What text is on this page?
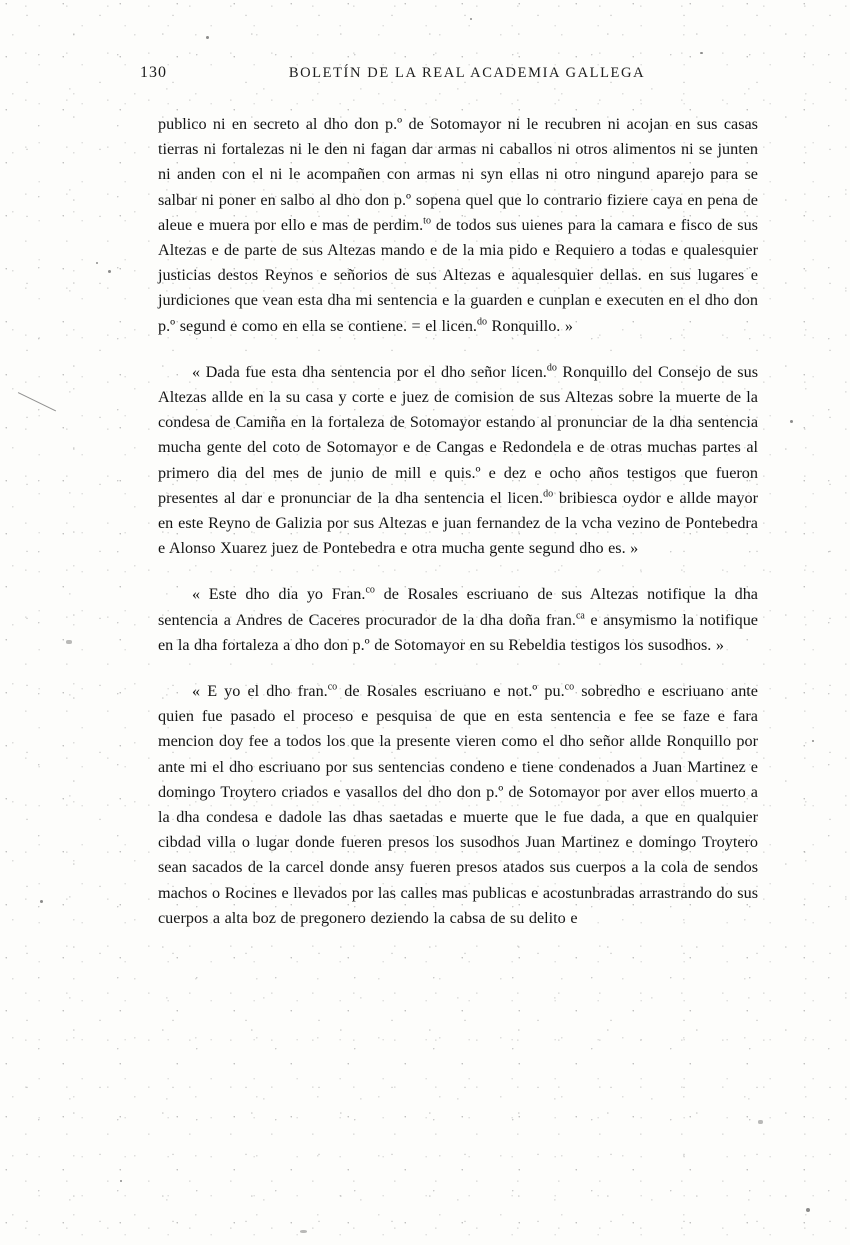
130	BOLETÍN DE LA REAL ACADEMIA GALLEGA

publico ni en secreto al dho don p.º de Sotomayor ni le recubren ni acojan en sus casas tierras ni fortalezas ni le den ni fagan dar armas ni caballos ni otros alimentos ni se junten ni anden con el ni le acompañen con armas ni syn ellas ni otro ningund aparejo para se salbar ni poner en salbo al dho don p.º sopena quel que lo contrario fiziere caya en pena de aleue e muera por ello e mas de perdim.$^{to}$ de todos sus uienes para la camara e fisco de sus Altezas e de parte de sus Altezas mando e de la mia pido e Requiero a todas e qualesquier justicias destos Reynos e señorios de sus Altezas e aqualesquier dellas. en sus lugares e jurdiciones que vean esta dha mi sentencia e la guarden e cunplan e executen en el dho don p.º segund e como en ella se contiene. = el licen.$^{do}$ Ronquillo. »

« Dada fue esta dha sentencia por el dho señor licen.$^{do}$ Ronquillo del Consejo de sus Altezas allde en la su casa y corte e juez de comision de sus Altezas sobre la muerte de la condesa de Camiña en la fortaleza de Sotomayor estando al pronunciar de la dha sentencia mucha gente del coto de Sotomayor e de Cangas e Redondela e de otras muchas partes al primero dia del mes de junio de mill e quis.º e dez e ocho años testigos que fueron presentes al dar e pronunciar de la dha sentencia el licen.$^{do}$ bribiesca oydor e allde mayor en este Reyno de Galizia por sus Altezas e juan fernandez de la vcha vezino de Pontebedra e Alonso Xuarez juez de Pontebedra e otra mucha gente segund dho es. »

« Este dho dia yo Fran.$^{co}$ de Rosales escriuano de sus Altezas notifique la dha sentencia a Andres de Caceres procurador de la dha doña fran.$^{ca}$ e ansymismo la notifique en la dha fortaleza a dho don p.º de Sotomayor en su Rebeldia testigos los susodhos. »

« E yo el dho fran.$^{co}$ de Rosales escriuano e not.º pu.$^{co}$ sobredho e escriuano ante quien fue pasado el proceso e pesquisa de que en esta sentencia e fee se faze e fara mencion doy fee a todos los que la presente vieren como el dho señor allde Ronquillo por ante mi el dho escriuano por sus sentencias condeno e tiene condenados a Juan Martinez e domingo Troytero criados e vasallos del dho don p.º de Sotomayor por aver ellos muerto a la dha condesa e dadole las dhas saetadas e muerte que le fue dada, a que en qualquier cibdad villa o lugar donde fueren presos los susodhos Juan Martinez e domingo Troytero sean sacados de la carcel donde ansy fueren presos atados sus cuerpos a la cola de sendos machos o Rocines e llevados por las calles mas publicas e acostunbradas arrastrando do sus cuerpos a alta boz de pregonero deziendo la cabsa de su delito e
